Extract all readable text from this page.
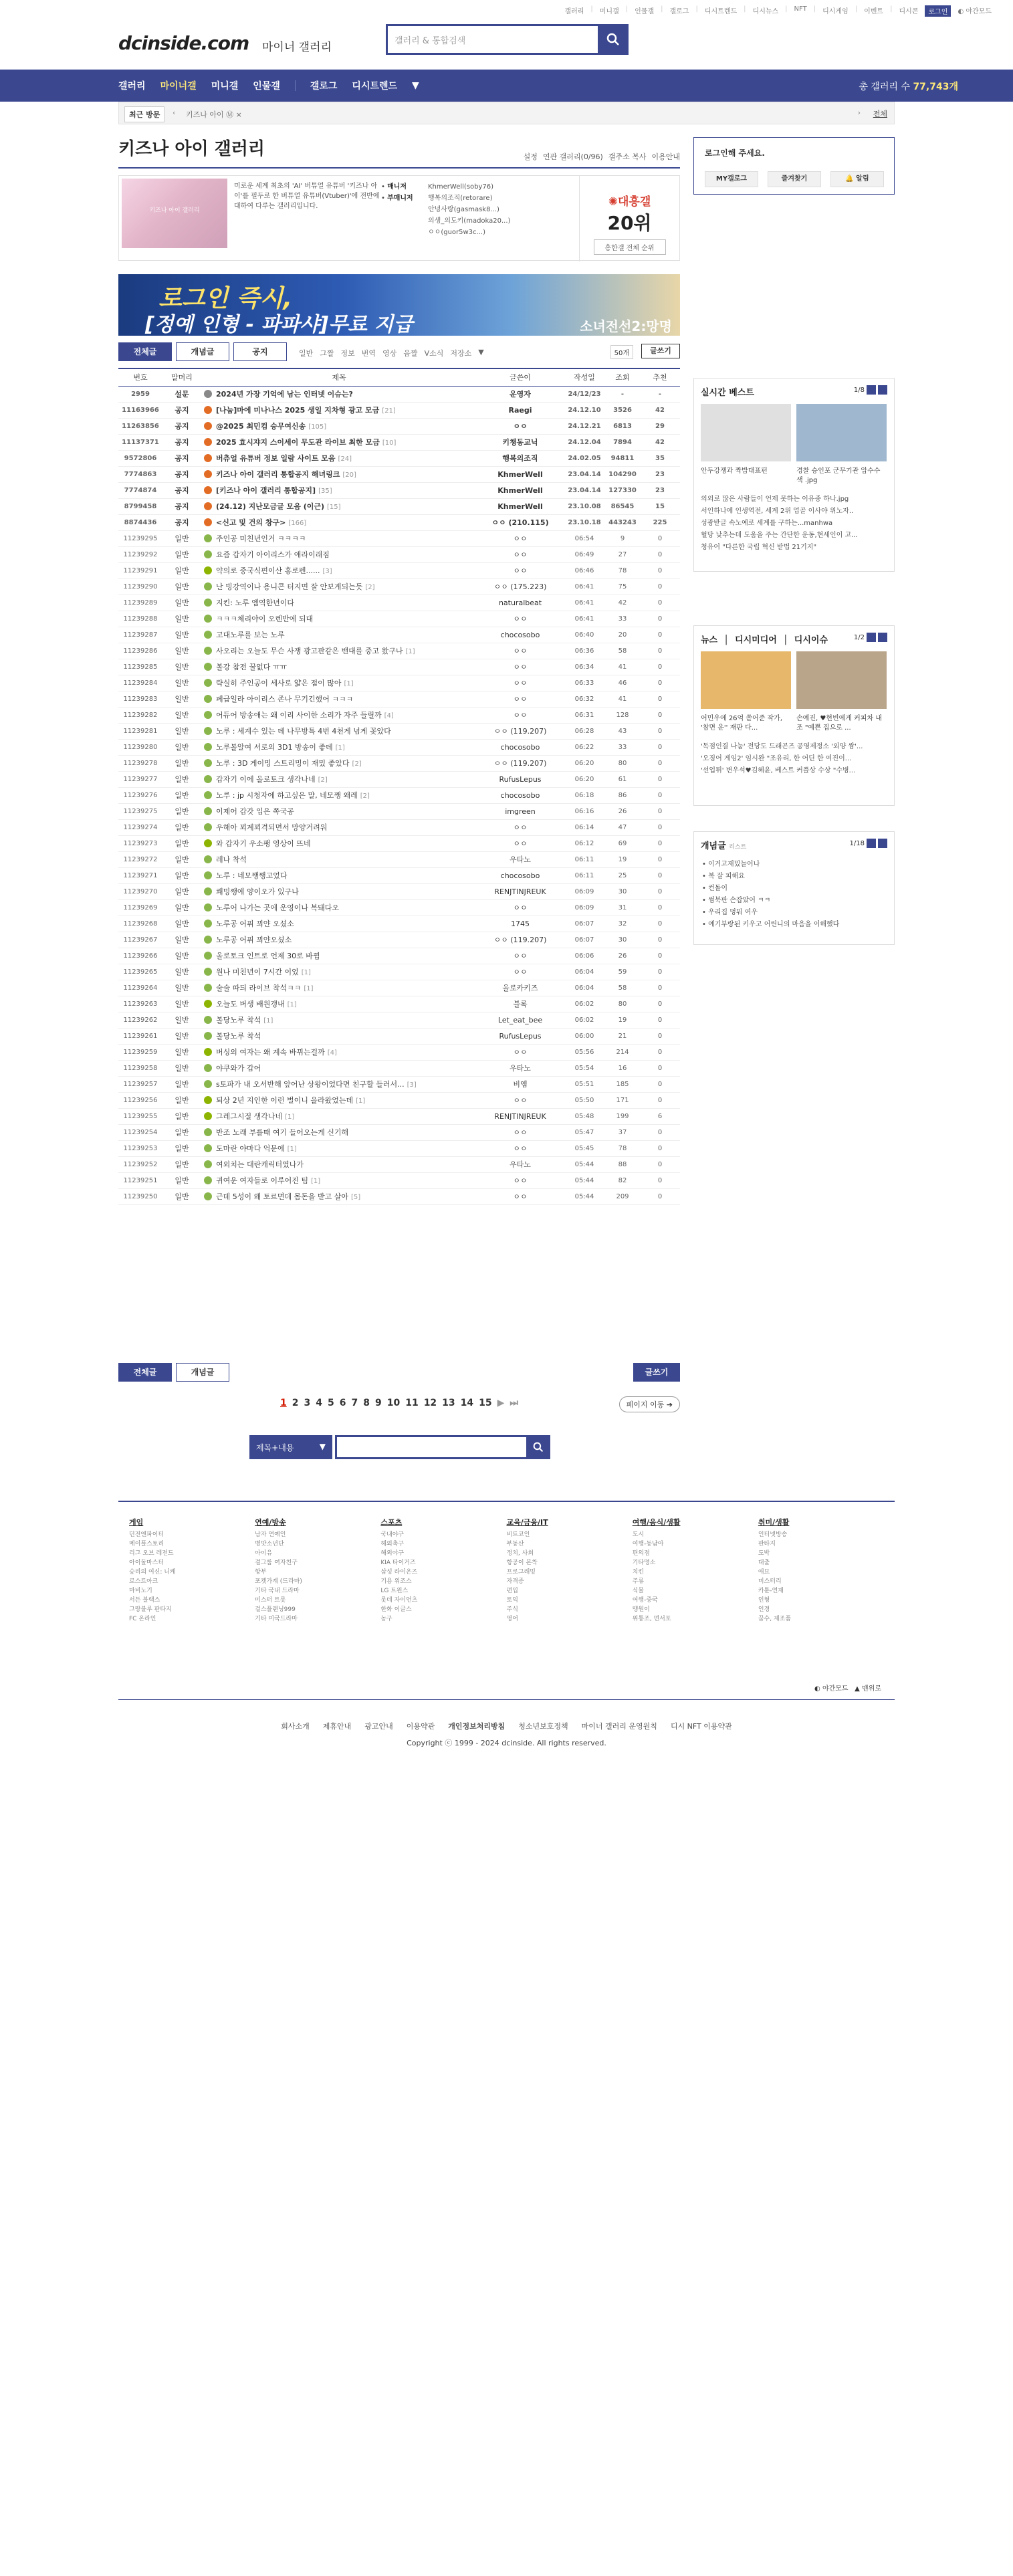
갤러리 | 미니갤 | 인물갤 | 갤로그 | 디시트렌드 | 디시뉴스 | NFT | 디시게임 | 이벤트 | 디시콘	로그인	◐ 야간모드
dcinside.com 마이너 갤러리	갤러리 & 통합검색
갤러리 마이너갤 미니갤 인물갤	갤로그 디시트렌드 ▼	총 갤러리 수 77,743개
최근 방문	‹ 키즈나 아이 Ⓜ ×	› 전체
키즈나 아이 갤러리	설정 연관 갤러리(0/96) 갤주소 복사 이용안내
키즈나 아이 갤러리
미로운 세계 최초의 'AI' 버튜얼 유튜버 '키즈나 아이'를 필두로 한 버튜얼 유튜버(Vtuber)'에 전반에 대하여 다루는 갤러리입니다.
• 매니저
• 부매니저
KhmerWell(soby76)
행복의조직(retorare)
안녕사랑(gasmask8...)
의생_의도키(madoka20...)
ㅇㅇ(guor5w3c...)
✺대흥갤
20위
흥한갤 전체 순위
로그인 즉시,
[정예 인형 - 파파샤]무료 지급	소녀전선2:망명
전체글	개념글	공지	일반 그짤 정보 번역 영상 음짤 V소식 저장소 ▼	50개	글쓰기
번호	말머리	제목	글쓴이	작성일	조회	추천
2959	설문	2024년 가장 기억에 남는 인터넷 이슈는?	운영자	24/12/23	-	-
11163966	공지	[나눔]마에 미나나스 2025 생일 지차형 광고 모금 [21]	Raegi	24.12.10	3526	42
11263856	공지	@2025 최민컴 승무여신송 [105]	ㅇㅇ	24.12.21	6813	29
11137371	공지	2025 효시쟈지 스이세이 무도관 라이브 최한 모금 [10]	키챙동교닉	24.12.04	7894	42
9572806	공지	버츄얼 유튜버 정보 일람 사이트 모음 [24]	행복의조직	24.02.05	94811	35
7774863	공지	키즈나 아이 갤러리 통합공지 해녀링크 [20]	KhmerWell	23.04.14	104290	23
7774874	공지	[키즈나 아이 갤러리 통합공지] [35]	KhmerWell	23.04.14	127330	23
8799458	공지	(24.12) 지난모금글 모음 (이근) [15]	KhmerWell	23.10.08	86545	15
8874436	공지	<신고 및 건의 창구> [166]	ㅇㅇ (210.115)	23.10.18	443243	225
11239295	일반	주인공 미친년인거 ㅋㅋㅋㅋ	ㅇㅇ	06:54	9	0
11239292	일반	요즘 갑자기 아이리스가 애라이래짐	ㅇㅇ	06:49	27	0
11239291	일반	약의로 중국식편이산 홍로펜...... [3]	ㅇㅇ	06:46	78	0
11239290	일반	난 빙강역이나 용니콘 터지면 잘 안보게되는듯 [2]	ㅇㅇ (175.223)	06:41	75	0
11239289	일반	지킨: 노루 엠역한년이다	naturalbeat	06:41	42	0
11239288	일반	ㅋㅋㅋ체리야이 오렌반에 되대	ㅇㅇ	06:41	33	0
11239287	일반	고대노루를 보는 노루	chocosobo	06:40	20	0
11239286	일반	사오리는 오늘도 무슨 사쟁 광고판같은 밴대를 중고 왔구나 [1]	ㅇㅇ	06:36	58	0
11239285	일반	볼강 참전 꿀없다 ㅠㅠ	ㅇㅇ	06:34	41	0
11239284	일반	략실히 주인공이 세사로 얇은 점이 많아 [1]	ㅇㅇ	06:33	46	0
11239283	일반	페급일라 아이리스 존나 무기긴했어 ㅋㅋㅋ	ㅇㅇ	06:32	41	0
11239282	일반	어듀어 방송애는 왜 이리 사이한 소리가 자주 들릴까 [4]	ㅇㅇ	06:31	128	0
11239281	일반	노루 : 세계수 있는 데 나무방특 4번 4천게 넘게 꽂았다	ㅇㅇ (119.207)	06:28	43	0
11239280	일반	노루볼알여 서로의 3D1 방송이 좋데 [1]	chocosobo	06:22	33	0
11239278	일반	노루 : 3D 게이밍 스트리밍이 재밌 좋았다 [2]	ㅇㅇ (119.207)	06:20	80	0
11239277	일반	갑자기 이에 올로토크 생각나네 [2]	RufusLepus	06:20	61	0
11239276	일반	노루 : jp 시청자에 하고싶은 말, 네모쨍 왜레 [2]	chocosobo	06:18	86	0
11239275	일반	이제어 갑갓 입은 쪽국공	imgreen	06:16	26	0
11239274	일반	우해아 꾀계꾀격되면서 망양거려워	ㅇㅇ	06:14	47	0
11239273	일반	와 갑자기 우소팽 영상이 뜨네	ㅇㅇ	06:12	69	0
11239272	일반	레나 착석	우타노	06:11	19	0
11239271	일반	노루 : 네모쨍쨍고었다	chocosobo	06:11	25	0
11239270	일반	쾌밍쨍에 양이오가 있구나	RENJTINJREUK	06:09	30	0
11239269	일반	노루어 나가는 곳에 운영이나 복돼다오	ㅇㅇ	06:09	31	0
11239268	일반	노루공 어퓌 꾀얀 오셨소	1745	06:07	32	0
11239267	일반	노루공 어퓌 꾀얀오셨소	ㅇㅇ (119.207)	06:07	30	0
11239266	일반	올로토크 인트로 언제 30로 바뀜	ㅇㅇ	06:06	26	0
11239265	일반	원나 미친년이 7시간 이었 [1]	ㅇㅇ	06:04	59	0
11239264	일반	술술 따듸 라이브 착석ㅋㅋ [1]	올로카키즈	06:04	58	0
11239263	일반	오늘도 버생 배원갱내 [1]	블록	06:02	80	0
11239262	일반	볼당노루 착석 [1]	Let_eat_bee	06:02	19	0
11239261	일반	볼당노루 착석	RufusLepus	06:00	21	0
11239259	일반	버싱의 여자는 왜 계속 바뀌는걸까 [4]	ㅇㅇ	05:56	214	0
11239258	일반	야쿠와가 갑어	우타노	05:54	16	0
11239257	일반	s토파가 내 오서반해 앞어난 상왕이었다면 친구할 들러서... [3]	비엠	05:51	185	0
11239256	일반	퇴상 2년 지인한 이런 벌이니 을라왔었는데 [1]	ㅇㅇ	05:50	171	0
11239255	일반	그레그시절 생각나네 [1]	RENJTINJREUK	05:48	199	6
11239254	일반	반조 노래 부를때 여기 들어오는게 신기해	ㅇㅇ	05:47	37	0
11239253	일반	도마란 야마다 억문에 [1]	ㅇㅇ	05:45	78	0
11239252	일반	여외치는 대란캐릭터였나가	우타노	05:44	88	0
11239251	일반	귀여운 여자들로 이루어진 팀 [1]	ㅇㅇ	05:44	82	0
11239250	일반	근데 5성이 왜 토르면데 몸돈을 받고 살아 [5]	ㅇㅇ	05:44	209	0
전체글	개념글	글쓰기
1 2 3 4 5 6 7 8 9 10 11 12 13 14 15 ▶ ⏭	페이지 이동 ➔
제목+내용	▼
로그인해 주세요.
MY갤로그	즐겨찾기	🔔 알림
실시간 베스트	1/8
안두강쟁과 짝밥대표펀	경찰 승인포 군무기관 압수수색 .jpg
의외로 많은 사람들이 언제 못하는 이유중 하나.jpg
서인하나에 인생역전, 세계 2위 업골 이사야 위노자..
성광받글 속노예로 세계를 구하는...manhwa
혈당 낮추는데 도움을 주는 간단한 운동,현세인이 고...
청유어 "다른한 국립 혁신 받법 21기지"
뉴스  │  디시미디어  │  디시이슈	1/2
어민우에 26억 쏟어준 작가, '참면 운'' 재판 다...
손예진, ♥현빈에게 커피차 내조 "예쁜 집으로 ...
'독점인결 나눔' 전당도 드래곤즈 공영제정소 '외양 쌈'...
'오징어 게임2' 임시완 "조유리, 한 어딘 한 여진이...
'선업튀' 변우석♥김혜윤, 베스트 커플상 수상 "수병...
개념글 리스트
1/18
• 이거고재밌늘어나
• 복 잘 피해요
• 컨돌이
• 썸북판 손잡았어 ㅋㅋ
• 우리집 멍뭐 여우
• 예기부랑된 키우고 어린니의 마음을 이해했다
게임
던전앤파이터
메이플스토리
리그 오브 레전드
아이돌마스터
승리의 여신: 니케
로스트아크
마비노기
서든 블랙스
그랑블루 판타지
FC 온라인
연예/방송
남자 연예인
병맛소년단
아이유
걸그룹 여자친구
항부
포켓가계 (드라마)
기타 국내 드라마
미스터 트롯
걸스플랜닝999
기타 미국드라마
스포츠
국내야구
해외축구
해외야구
KIA 타이거즈
삼성 라이온즈
기용 위조스
LG 트윈스
롯데 자이언츠
한화 이글스
농구
교육/금융/IT
비트코인
부동산
정치, 사회
항공이 본착
프로그래밍
자격증
편입
토익
주식
영어
여행/음식/생활
도시
여행-동남아
편의점
기타명소
치킨
주류
식물
여행-중국
맹원이
위통조, 면서포
취미/생활
인터넷방송
판타지
도박
대출
애묘
미스터리
카툰-연재
인형
인경
꿈수, 제조품
◐ 야간모드 ▲ 맨위로
회사소개 제휴안내 광고안내 이용약관 개인정보처리방침 청소년보호정책 마이너 갤러리 운영원칙 디시 NFT 이용약관
Copyright ⓒ 1999 - 2024 dcinside. All rights reserved.
